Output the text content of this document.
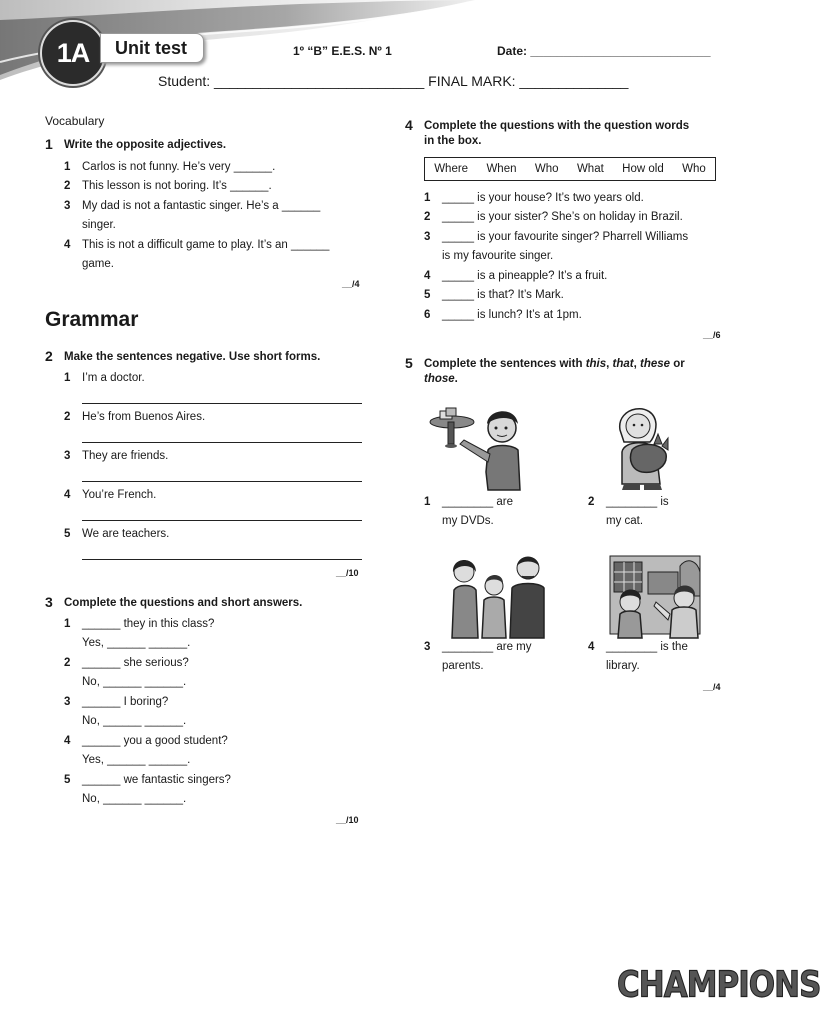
1A	Unit test	1º “B” E.E.S. Nº 1	Date: ___________________________
Student: ___________________________ FINAL MARK: ______________
Vocabulary
1 Write the opposite adjectives.
1 Carlos is not funny. He’s very ______.
2 This lesson is not boring. It’s ______.
3 My dad is not a fantastic singer. He’s a ______
singer.
4 This is not a difficult game to play. It’s an ______
game.
__/4
Grammar
2 Make the sentences negative. Use short forms.
1 I’m a doctor.
2 He’s from Buenos Aires.
3 They are friends.
4 You’re French.
5 We are teachers.
__/10
3 Complete the questions and short answers.
1 ______ they in this class?
Yes, ______ ______.
2 ______ she serious?
No, ______ ______.
3 ______ I boring?
No, ______ ______.
4 ______ you a good student?
Yes, ______ ______.
5 ______ we fantastic singers?
No, ______ ______.
__/10
4 Complete the questions with the question words
in the box.
Where When Who What How old Who
1 _____ is your house? It’s two years old.
2 _____ is your sister? She’s on holiday in Brazil.
3 _____ is your favourite singer? Pharrell Williams
is my favourite singer.
4 _____ is a pineapple? It’s a fruit.
5 _____ is that? It’s Mark.
6 _____ is lunch? It’s at 1pm.
__/6
5 Complete the sentences with this, that, these or
those.
1 ________ are
my DVDs.
2 ________ is
my cat.
3 ________ are my
parents.
4 ________ is the
library.
__/4
CHAMPIONS
